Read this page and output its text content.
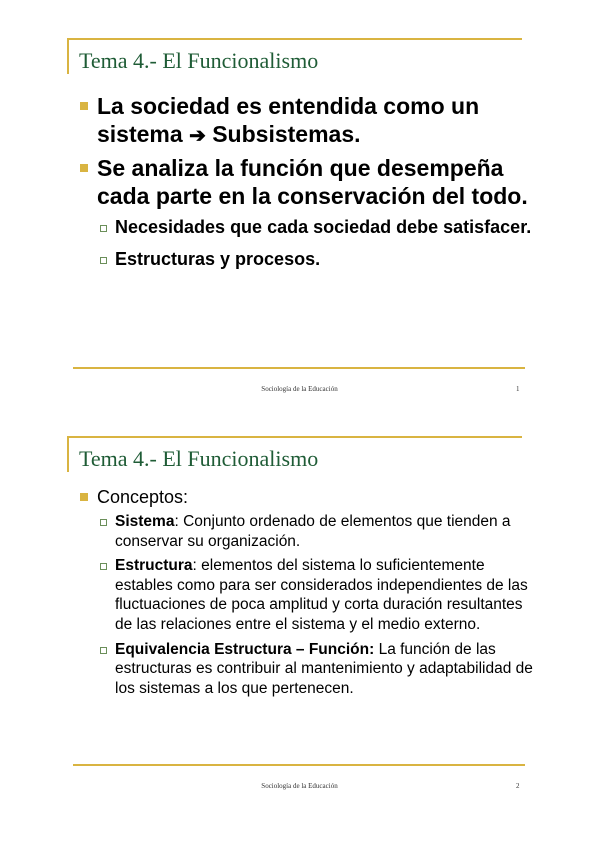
Tema 4.- El Funcionalismo
La sociedad es entendida como un sistema ➔ Subsistemas.
Se analiza la función que desempeña cada parte en la conservación del todo.
Necesidades que cada sociedad debe satisfacer.
Estructuras y procesos.
Sociología de la Educación	1
Tema 4.- El Funcionalismo
Conceptos:
Sistema: Conjunto ordenado de elementos que tienden a conservar su organización.
Estructura: elementos del sistema lo suficientemente estables como para ser considerados independientes de las fluctuaciones de poca amplitud y corta duración resultantes de las relaciones entre el sistema y el medio externo.
Equivalencia Estructura – Función: La función de las estructuras es contribuir al mantenimiento y adaptabilidad de los sistemas a los que pertenecen.
Sociología de la Educación	2
